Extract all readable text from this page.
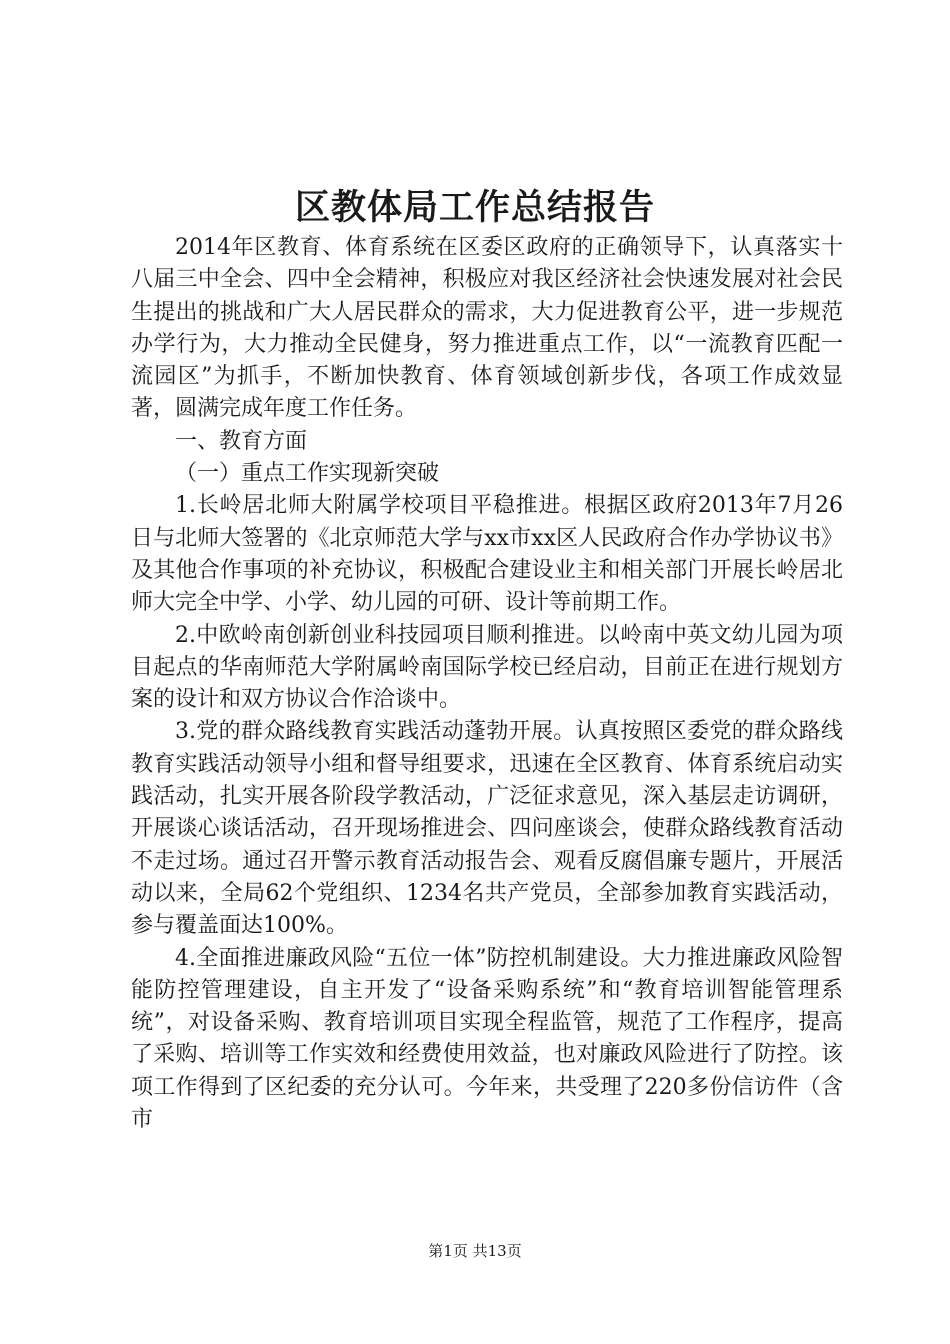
区教体局工作总结报告

2014年区教育、体育系统在区委区政府的正确领导下，认真落实十八届三中全会、四中全会精神，积极应对我区经济社会快速发展对社会民生提出的挑战和广大人居民群众的需求，大力促进教育公平，进一步规范办学行为，大力推动全民健身，努力推进重点工作，以“一流教育匹配一流园区”为抓手，不断加快教育、体育领域创新步伐，各项工作成效显著，圆满完成年度工作任务。

一、教育方面

（一）重点工作实现新突破

1.长岭居北师大附属学校项目平稳推进。根据区政府2013年7月26日与北师大签署的《北京师范大学与xx市xx区人民政府合作办学协议书》及其他合作事项的补充协议，积极配合建设业主和相关部门开展长岭居北师大完全中学、小学、幼儿园的可研、设计等前期工作。

2.中欧岭南创新创业科技园项目顺利推进。以岭南中英文幼儿园为项目起点的华南师范大学附属岭南国际学校已经启动，目前正在进行规划方案的设计和双方协议合作洽谈中。

3.党的群众路线教育实践活动蓬勃开展。认真按照区委党的群众路线教育实践活动领导小组和督导组要求，迅速在全区教育、体育系统启动实践活动，扎实开展各阶段学教活动，广泛征求意见，深入基层走访调研，开展谈心谈话活动，召开现场推进会、四问座谈会，使群众路线教育活动不走过场。通过召开警示教育活动报告会、观看反腐倡廉专题片，开展活动以来，全局62个党组织、1234名共产党员，全部参加教育实践活动，参与覆盖面达100%。

4.全面推进廉政风险“五位一体”防控机制建设。大力推进廉政风险智能防控管理建设，自主开发了“设备采购系统”和“教育培训智能管理系统”，对设备采购、教育培训项目实现全程监管，规范了工作程序，提高了采购、培训等工作实效和经费使用效益，也对廉政风险进行了防控。该项工作得到了区纪委的充分认可。今年来，共受理了220多份信访件（含市

第1页 共13页
